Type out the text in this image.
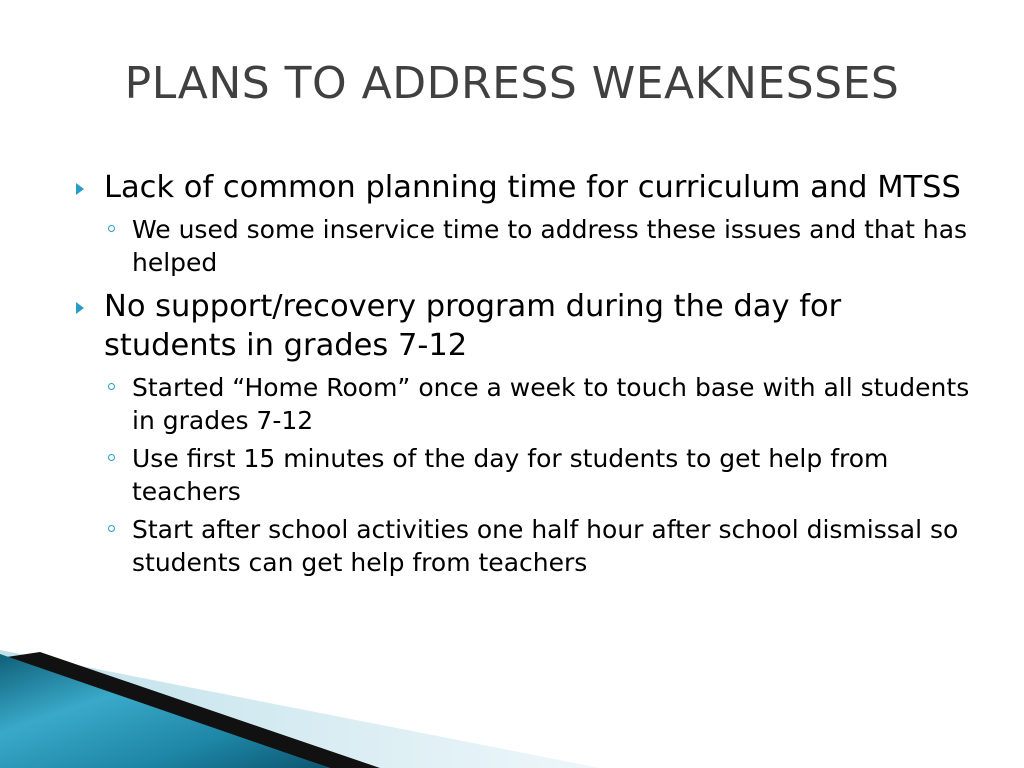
PLANS TO ADDRESS WEAKNESSES
Lack of common planning time for curriculum and MTSS
We used some inservice time to address these issues and that has helped
No support/recovery program during the day for students in grades 7-12
Started “Home Room” once a week to touch base with all students in grades 7-12
Use first 15 minutes of the day for students to get help from teachers
Start after school activities one half hour after school dismissal so students can get help from teachers
